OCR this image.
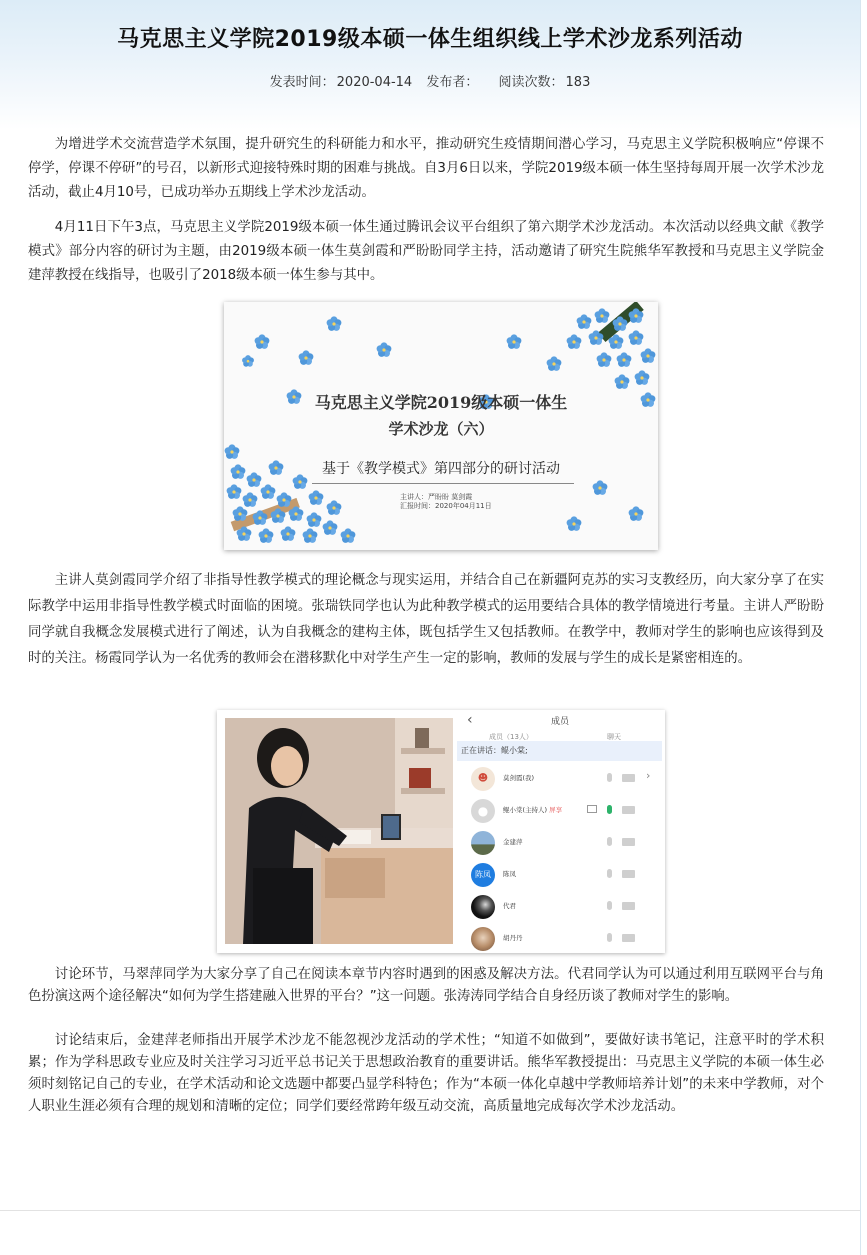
马克思主义学院2019级本硕一体生组织线上学术沙龙系列活动
发表时间： 2020-04-14 发布者： 阅读次数： 183

为增进学术交流营造学术氛围，提升研究生的科研能力和水平，推动研究生疫情期间潜心学习，马克思主义学院积极响应“停课不停学，停课不停研”的号召，以新形式迎接特殊时期的困难与挑战。自3月6日以来，学院2019级本硕一体生坚持每周开展一次学术沙龙活动，截止4月10号，已成功举办五期线上学术沙龙活动。

4月11日下午3点，马克思主义学院2019级本硕一体生通过腾讯会议平台组织了第六期学术沙龙活动。本次活动以经典文献《教学模式》部分内容的研讨为主题，由2019级本硕一体生莫剑霞和严盼盼同学主持，活动邀请了研究生院熊华军教授和马克思主义学院金建萍教授在线指导，也吸引了2018级本硕一体生参与其中。

马克思主义学院2019级本硕一体生
学术沙龙（六）
基于《教学模式》第四部分的研讨活动
主讲人：严盼盼 莫剑霞
汇报时间：2020年04月11日

主讲人莫剑霞同学介绍了非指导性教学模式的理论概念与现实运用，并结合自己在新疆阿克苏的实习支教经历，向大家分享了在实际教学中运用非指导性教学模式时面临的困境。张瑞铁同学也认为此种教学模式的运用要结合具体的教学情境进行考量。主讲人严盼盼同学就自我概念发展模式进行了阐述，认为自我概念的建构主体，既包括学生又包括教师。在教学中，教师对学生的影响也应该得到及时的关注。杨霞同学认为一名优秀的教师会在潜移默化中对学生产生一定的影响，教师的发展与学生的成长是紧密相连的。

‹	成员
成员（13人）	聊天
正在讲话：鲲小棠;
☻	莫剑霞(我)	›
●	鲲小棠(主持人) 屏享
金建萍
陈凤	陈凤
代君
胡丹丹

讨论环节，马翠萍同学为大家分享了自己在阅读本章节内容时遇到的困惑及解决方法。代君同学认为可以通过利用互联网平台与角色扮演这两个途径解决“如何为学生搭建融入世界的平台？”这一问题。张涛涛同学结合自身经历谈了教师对学生的影响。

讨论结束后，金建萍老师指出开展学术沙龙不能忽视沙龙活动的学术性；“知道不如做到”，要做好读书笔记，注意平时的学术积累；作为学科思政专业应及时关注学习习近平总书记关于思想政治教育的重要讲话。熊华军教授提出：马克思主义学院的本硕一体生必须时刻铭记自己的专业，在学术活动和论文选题中都要凸显学科特色；作为“本硕一体化卓越中学教师培养计划”的未来中学教师，对个人职业生涯必须有合理的规划和清晰的定位；同学们要经常跨年级互动交流，高质量地完成每次学术沙龙活动。
